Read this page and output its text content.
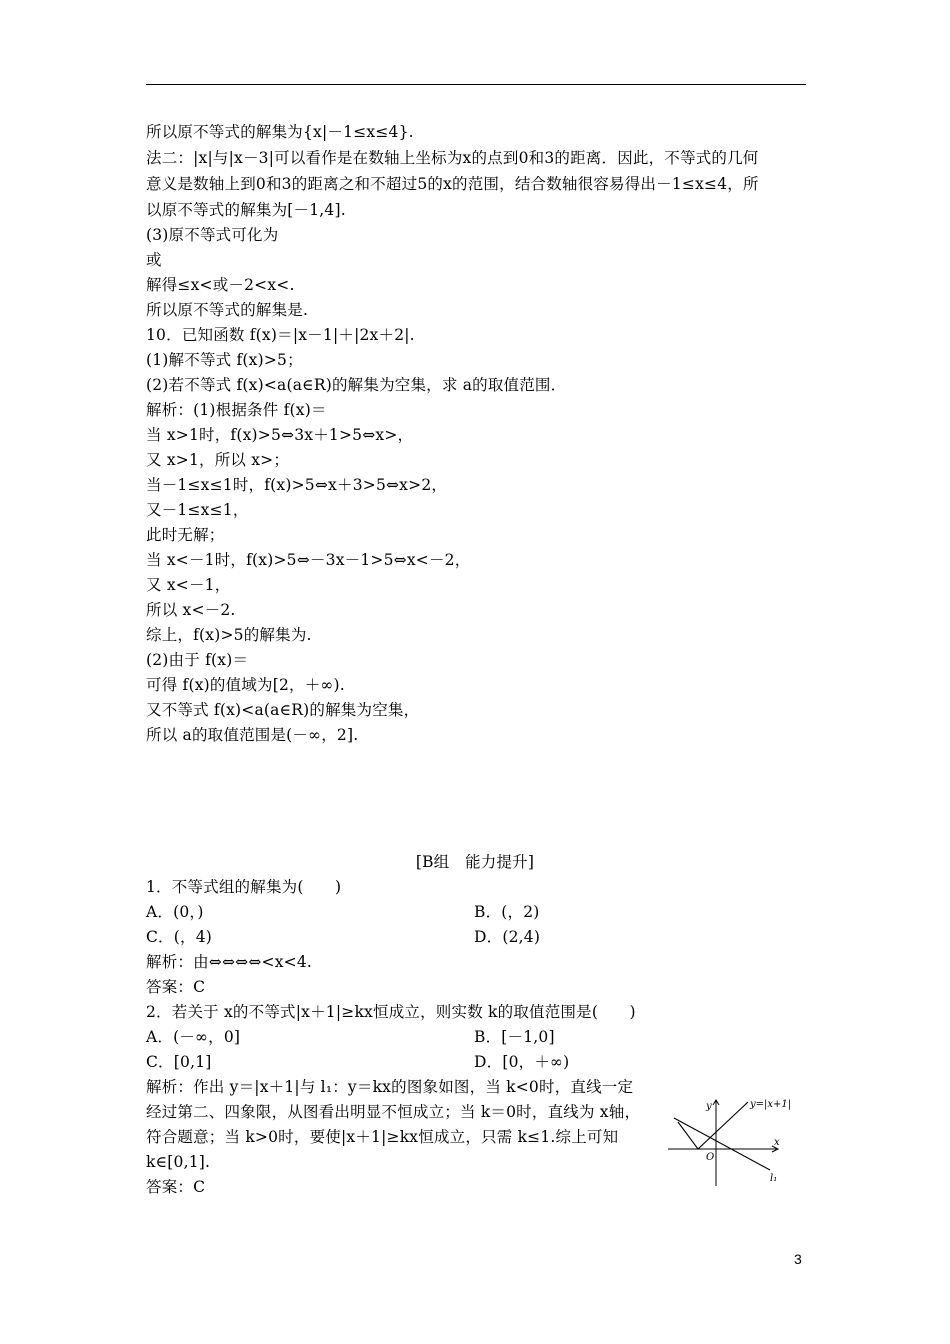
所以原不等式的解集为{x|－1≤x≤4}.
法二：|x|与|x－3|可以看作是在数轴上坐标为x的点到0和3的距离．因此，不等式的几何
意义是数轴上到0和3的距离之和不超过5的x的范围，结合数轴很容易得出－1≤x≤4，所
以原不等式的解集为[－1,4].
(3)原不等式可化为
或
解得≤x<或－2<x<.
所以原不等式的解集是.
10．已知函数 f(x)＝|x－1|＋|2x＋2|.
(1)解不等式 f(x)>5；
(2)若不等式 f(x)<a(a∈R)的解集为空集，求 a的取值范围．
解析：(1)根据条件 f(x)＝
当 x>1时，f(x)>5⇔3x＋1>5⇔x>，
又 x>1，所以 x>；
当－1≤x≤1时，f(x)>5⇔x＋3>5⇔x>2，
又－1≤x≤1，
此时无解；
当 x<－1时，f(x)>5⇔－3x－1>5⇔x<－2，
又 x<－1，
所以 x<－2.
综上，f(x)>5的解集为.
(2)由于 f(x)＝
可得 f(x)的值域为[2，＋∞).
又不等式 f(x)<a(a∈R)的解集为空集，
所以 a的取值范围是(－∞，2].
[B组　能力提升]
1．不等式组的解集为(　　)
A．(0，)	B．(，2)
C．(，4)	D．(2,4)
解析：由⇔⇔⇔⇔<x<4.
答案：C
2．若关于 x的不等式|x＋1|≥kx恒成立，则实数 k的取值范围是(　　)
A．(－∞，0]	B．[－1,0]
C．[0,1]	D．[0，＋∞)
解析：作出 y＝|x＋1|与 l₁：y＝kx的图象如图，当 k<0时，直线一定
经过第二、四象限，从图看出明显不恒成立；当 k＝0时，直线为 x轴，
符合题意；当 k>0时，要使|x＋1|≥kx恒成立，只需 k≤1.综上可知
k∈[0,1].
答案：C
y
x
O
y=|x+1|
l₁
3
